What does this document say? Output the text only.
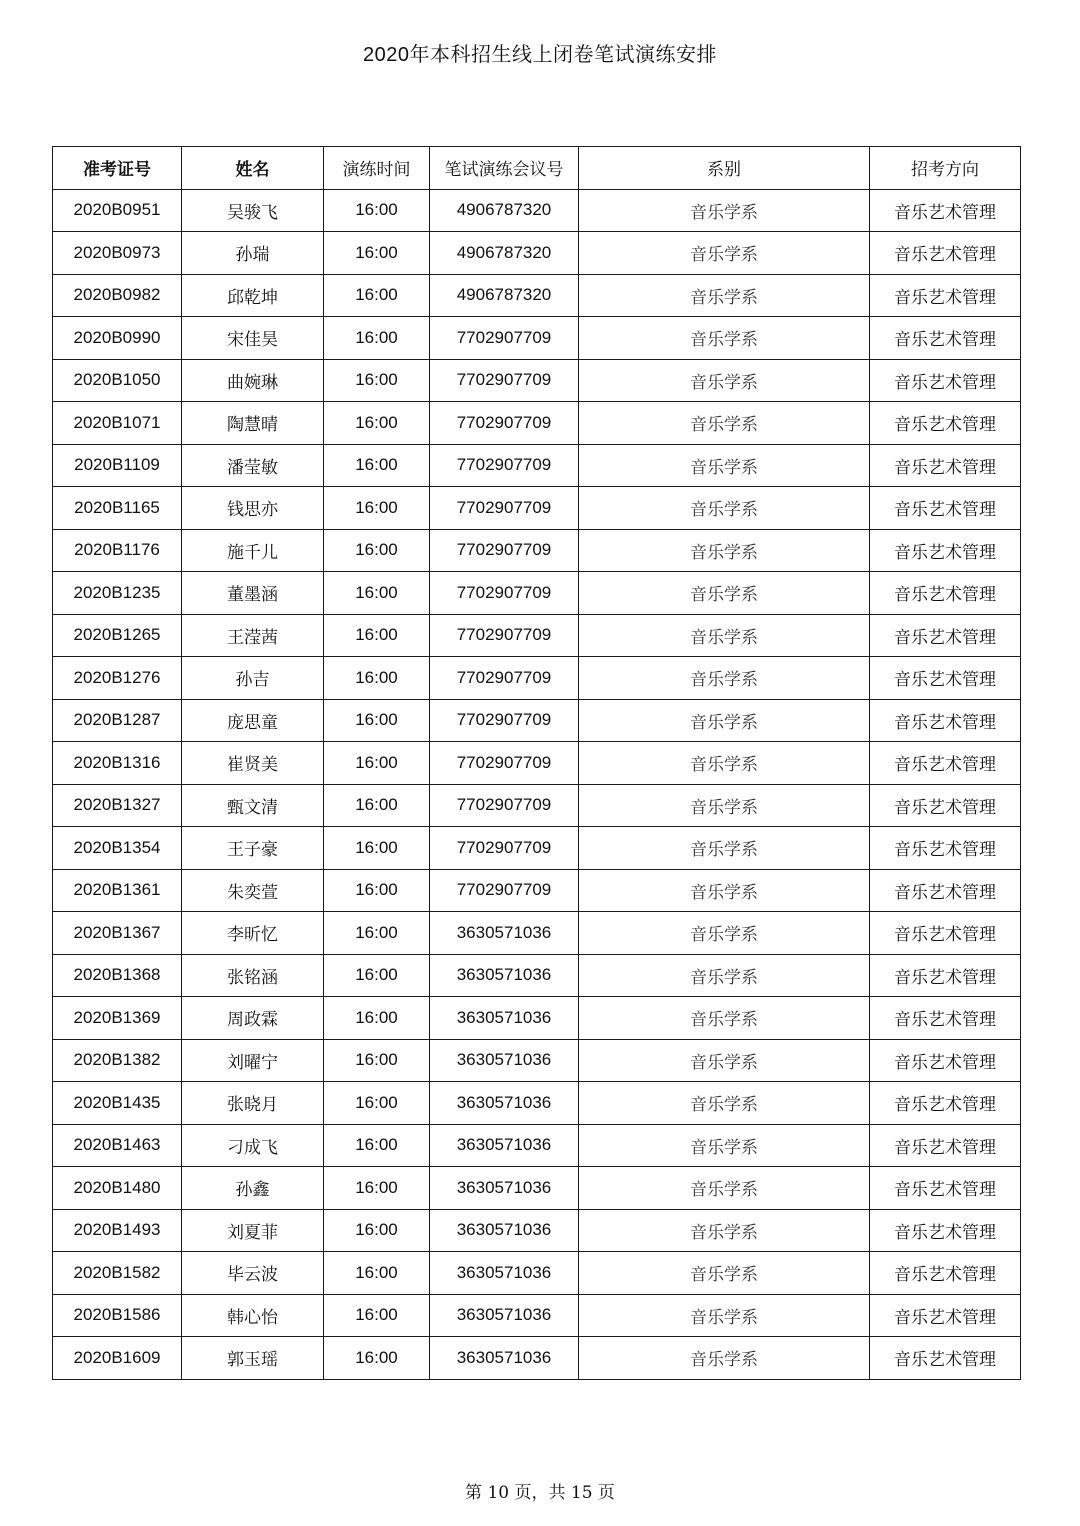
2020年本科招生线上闭卷笔试演练安排
准考证号	姓名	演练时间	笔试演练会议号	系别	招考方向
2020B0951	吴骏飞	16:00	4906787320	音乐学系	音乐艺术管理
2020B0973	孙瑞	16:00	4906787320	音乐学系	音乐艺术管理
2020B0982	邱乾坤	16:00	4906787320	音乐学系	音乐艺术管理
2020B0990	宋佳昊	16:00	7702907709	音乐学系	音乐艺术管理
2020B1050	曲婉琳	16:00	7702907709	音乐学系	音乐艺术管理
2020B1071	陶慧晴	16:00	7702907709	音乐学系	音乐艺术管理
2020B1109	潘莹敏	16:00	7702907709	音乐学系	音乐艺术管理
2020B1165	钱思亦	16:00	7702907709	音乐学系	音乐艺术管理
2020B1176	施千儿	16:00	7702907709	音乐学系	音乐艺术管理
2020B1235	董墨涵	16:00	7702907709	音乐学系	音乐艺术管理
2020B1265	王滢茜	16:00	7702907709	音乐学系	音乐艺术管理
2020B1276	孙吉	16:00	7702907709	音乐学系	音乐艺术管理
2020B1287	庞思童	16:00	7702907709	音乐学系	音乐艺术管理
2020B1316	崔贤美	16:00	7702907709	音乐学系	音乐艺术管理
2020B1327	甄文清	16:00	7702907709	音乐学系	音乐艺术管理
2020B1354	王子豪	16:00	7702907709	音乐学系	音乐艺术管理
2020B1361	朱奕萱	16:00	7702907709	音乐学系	音乐艺术管理
2020B1367	李昕忆	16:00	3630571036	音乐学系	音乐艺术管理
2020B1368	张铭涵	16:00	3630571036	音乐学系	音乐艺术管理
2020B1369	周政霖	16:00	3630571036	音乐学系	音乐艺术管理
2020B1382	刘曜宁	16:00	3630571036	音乐学系	音乐艺术管理
2020B1435	张晓月	16:00	3630571036	音乐学系	音乐艺术管理
2020B1463	刁成飞	16:00	3630571036	音乐学系	音乐艺术管理
2020B1480	孙鑫	16:00	3630571036	音乐学系	音乐艺术管理
2020B1493	刘夏菲	16:00	3630571036	音乐学系	音乐艺术管理
2020B1582	毕云波	16:00	3630571036	音乐学系	音乐艺术管理
2020B1586	韩心怡	16:00	3630571036	音乐学系	音乐艺术管理
2020B1609	郭玉瑶	16:00	3630571036	音乐学系	音乐艺术管理
第 10 页，共 15 页
